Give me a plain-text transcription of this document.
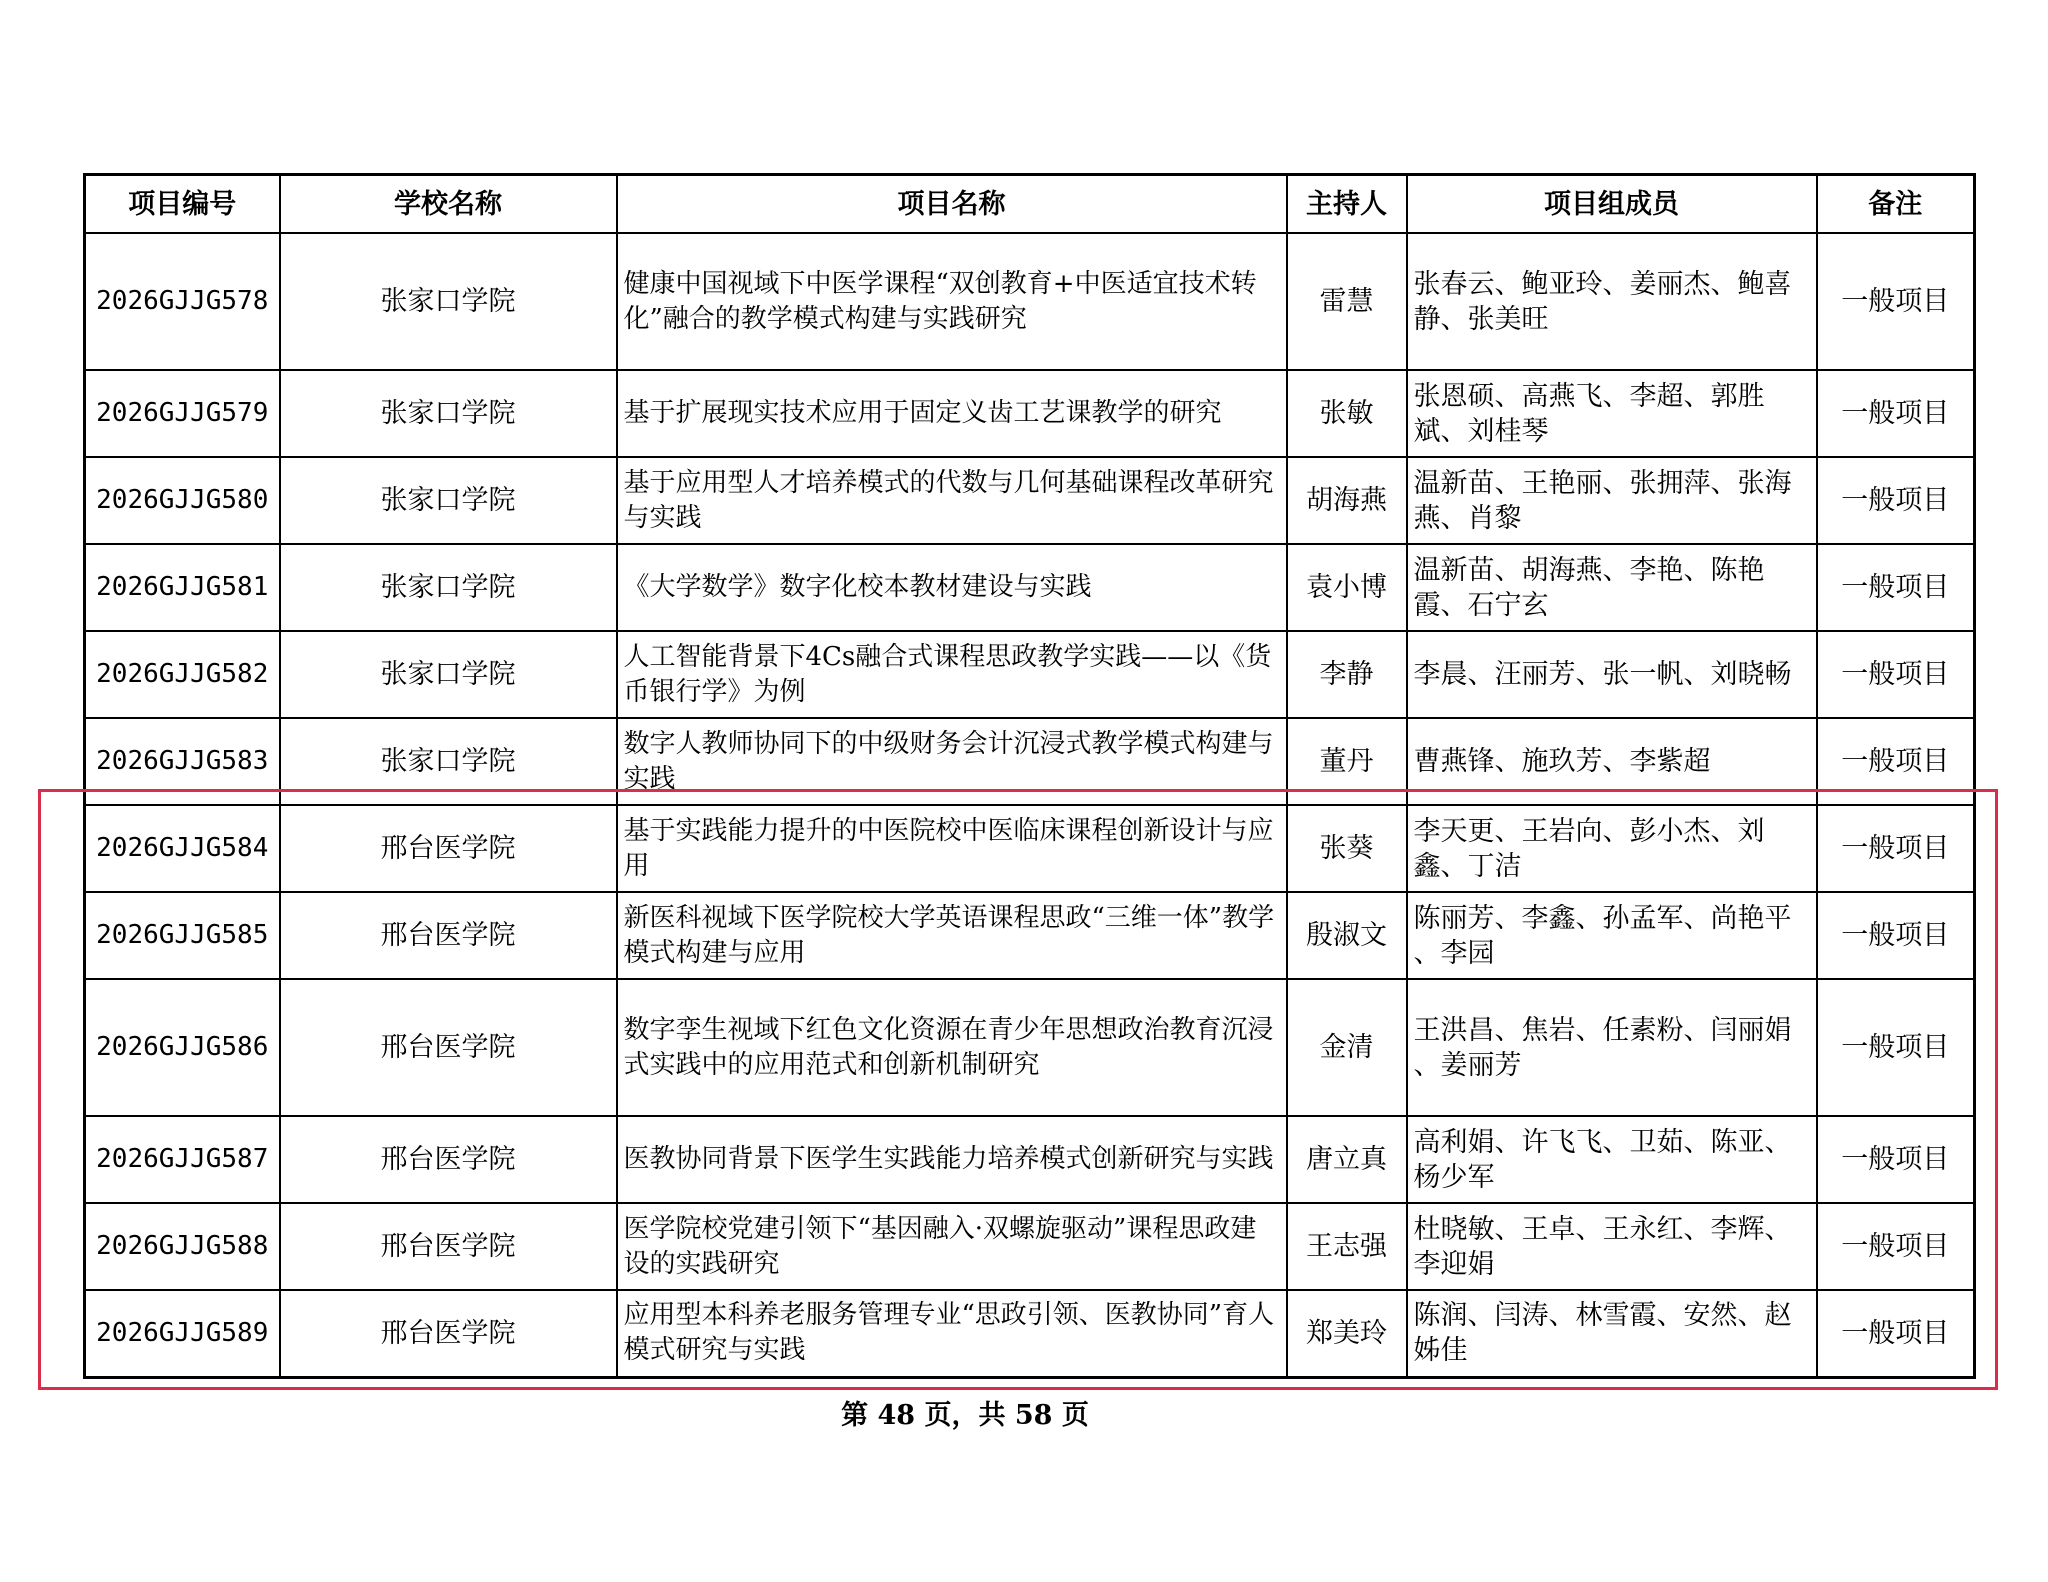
项目编号	学校名称	项目名称	主持人	项目组成员	备注
2026GJJG578	张家口学院	健康中国视域下中医学课程“双创教育+中医适宜技术转化”融合的教学模式构建与实践研究	雷慧	张春云、鲍亚玲、姜丽杰、鲍喜静、张美旺	一般项目
2026GJJG579	张家口学院	基于扩展现实技术应用于固定义齿工艺课教学的研究	张敏	张恩硕、高燕飞、李超、郭胜斌、刘桂琴	一般项目
2026GJJG580	张家口学院	基于应用型人才培养模式的代数与几何基础课程改革研究与实践	胡海燕	温新苗、王艳丽、张拥萍、张海燕、肖黎	一般项目
2026GJJG581	张家口学院	《大学数学》数字化校本教材建设与实践	袁小博	温新苗、胡海燕、李艳、陈艳霞、石宁玄	一般项目
2026GJJG582	张家口学院	人工智能背景下4Cs融合式课程思政教学实践——以《货币银行学》为例	李静	李晨、汪丽芳、张一帆、刘晓畅	一般项目
2026GJJG583	张家口学院	数字人教师协同下的中级财务会计沉浸式教学模式构建与实践	董丹	曹燕锋、施玖芳、李紫超	一般项目
2026GJJG584	邢台医学院	基于实践能力提升的中医院校中医临床课程创新设计与应用	张葵	李天更、王岩向、彭小杰、刘鑫、丁洁	一般项目
2026GJJG585	邢台医学院	新医科视域下医学院校大学英语课程思政“三维一体”教学模式构建与应用	殷淑文	陈丽芳、李鑫、孙孟军、尚艳平 、李园	一般项目
2026GJJG586	邢台医学院	数字孪生视域下红色文化资源在青少年思想政治教育沉浸式实践中的应用范式和创新机制研究	金清	王洪昌、焦岩、任素粉、闫丽娟 、姜丽芳	一般项目
2026GJJG587	邢台医学院	医教协同背景下医学生实践能力培养模式创新研究与实践	唐立真	高利娟、许飞飞、卫茹、陈亚、 杨少军	一般项目
2026GJJG588	邢台医学院	医学院校党建引领下“基因融入·双螺旋驱动”课程思政建设的实践研究	王志强	杜晓敏、王卓、王永红、李辉、李迎娟	一般项目
2026GJJG589	邢台医学院	应用型本科养老服务管理专业“思政引领、医教协同”育人模式研究与实践	郑美玲	陈润、闫涛、林雪霞、安然、赵姊佳	一般项目
第 48 页，共 58 页
